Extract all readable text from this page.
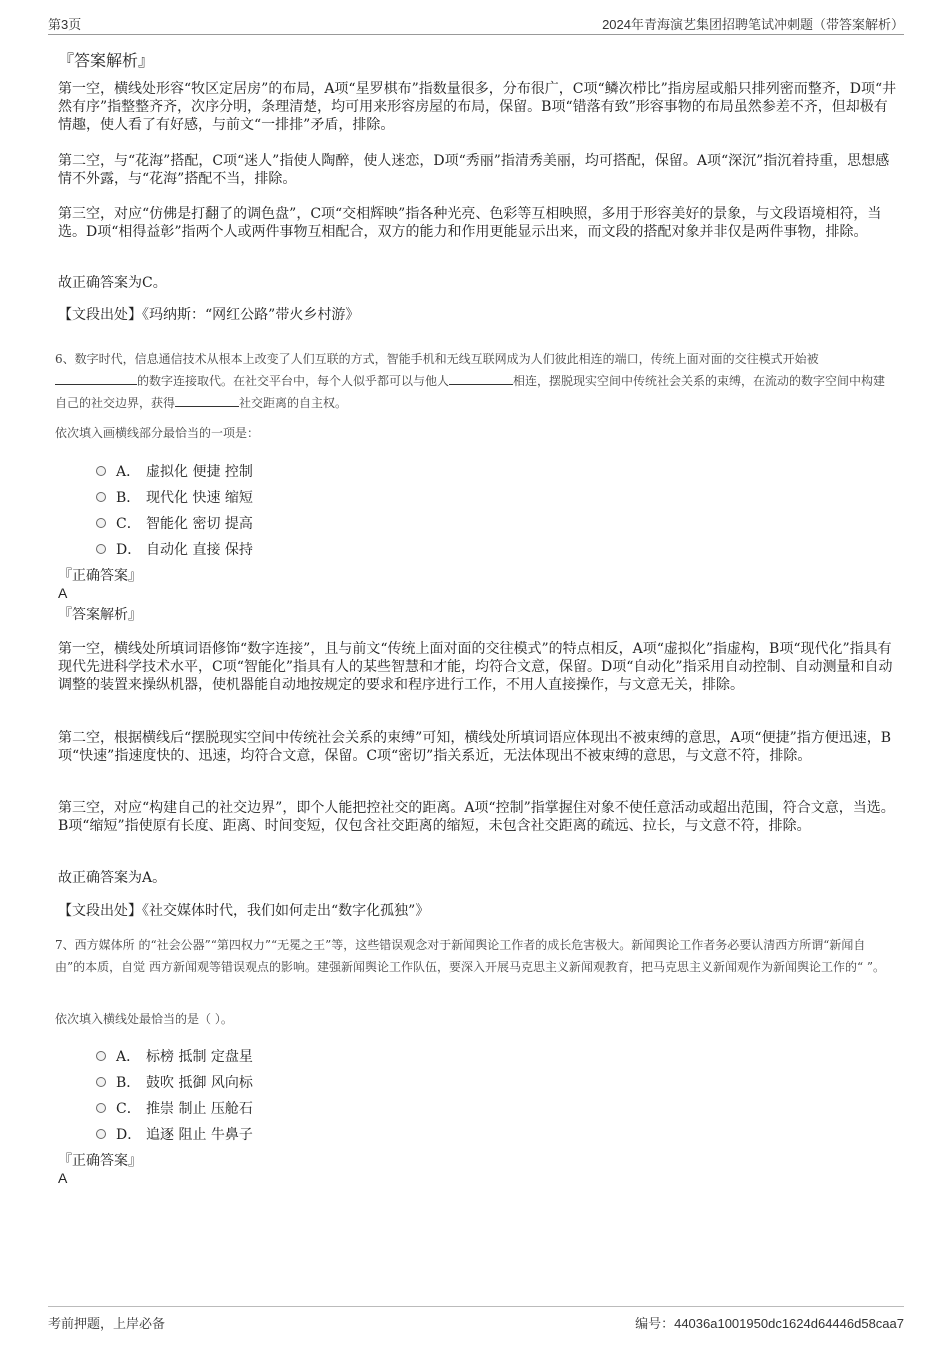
第3页	2024年青海演艺集团招聘笔试冲刺题（带答案解析）
『答案解析』

第一空，横线处形容“牧区定居房”的布局，A项“星罗棋布”指数量很多，分布很广，C项“鳞次栉比”指房屋或船只排列密而整齐，D项“井然有序”指整整齐齐，次序分明，条理清楚，均可用来形容房屋的布局，保留。B项“错落有致”形容事物的布局虽然参差不齐，但却极有情趣，使人看了有好感，与前文“一排排”矛盾，排除。

第二空，与“花海”搭配，C项“迷人”指使人陶醉，使人迷恋，D项“秀丽”指清秀美丽，均可搭配，保留。A项“深沉”指沉着持重，思想感情不外露，与“花海”搭配不当，排除。

第三空，对应“仿佛是打翻了的调色盘”，C项“交相辉映”指各种光亮、色彩等互相映照，多用于形容美好的景象，与文段语境相符，当选。D项“相得益彰”指两个人或两件事物互相配合，双方的能力和作用更能显示出来，而文段的搭配对象并非仅是两件事物，排除。

故正确答案为C。

【文段出处】《玛纳斯：“网红公路”带火乡村游》

6、数字时代，信息通信技术从根本上改变了人们互联的方式，智能手机和无线互联网成为人们彼此相连的端口，传统上面对面的交往模式开始被的数字连接取代。在社交平台中，每个人似乎都可以与他人	相连，摆脱现实空间中传统社会关系的束缚，在流动的数字空间中构建自己的社交边界，获得	社交距离的自主权。

依次填入画横线部分最恰当的一项是：

A． 虚拟化 便捷 控制
B． 现代化 快速 缩短
C． 智能化 密切 提高
D． 自动化 直接 保持
『正确答案』
A
『答案解析』

第一空，横线处所填词语修饰“数字连接”，且与前文“传统上面对面的交往模式”的特点相反，A项“虚拟化”指虚构，B项“现代化”指具有现代先进科学技术水平，C项“智能化”指具有人的某些智慧和才能，均符合文意，保留。D项“自动化”指采用自动控制、自动测量和自动调整的装置来操纵机器，使机器能自动地按规定的要求和程序进行工作，不用人直接操作，与文意无关，排除。

第二空，根据横线后“摆脱现实空间中传统社会关系的束缚”可知，横线处所填词语应体现出不被束缚的意思，A项“便捷”指方便迅速，B项“快速”指速度快的、迅速，均符合文意，保留。C项“密切”指关系近，无法体现出不被束缚的意思，与文意不符，排除。

第三空，对应“构建自己的社交边界”，即个人能把控社交的距离。A项“控制”指掌握住对象不使任意活动或超出范围，符合文意，当选。B项“缩短”指使原有长度、距离、时间变短，仅包含社交距离的缩短，未包含社交距离的疏远、拉长，与文意不符，排除。

故正确答案为A。

【文段出处】《社交媒体时代，我们如何走出“数字化孤独”》

7、西方媒体所 的“社会公器”“第四权力”“无冕之王”等，这些错误观念对于新闻舆论工作者的成长危害极大。新闻舆论工作者务必要认清西方所谓“新闻自由”的本质，自觉 西方新闻观等错误观点的影响。建强新闻舆论工作队伍，要深入开展马克思主义新闻观教育，把马克思主义新闻观作为新闻舆论工作的“ ”。

依次填入横线处最恰当的是（ ）。

A． 标榜 抵制 定盘星
B． 鼓吹 抵御 风向标
C． 推崇 制止 压舱石
D． 追逐 阻止 牛鼻子
『正确答案』
A
考前押题，上岸必备	编号：44036a1001950dc1624d64446d58caa7
